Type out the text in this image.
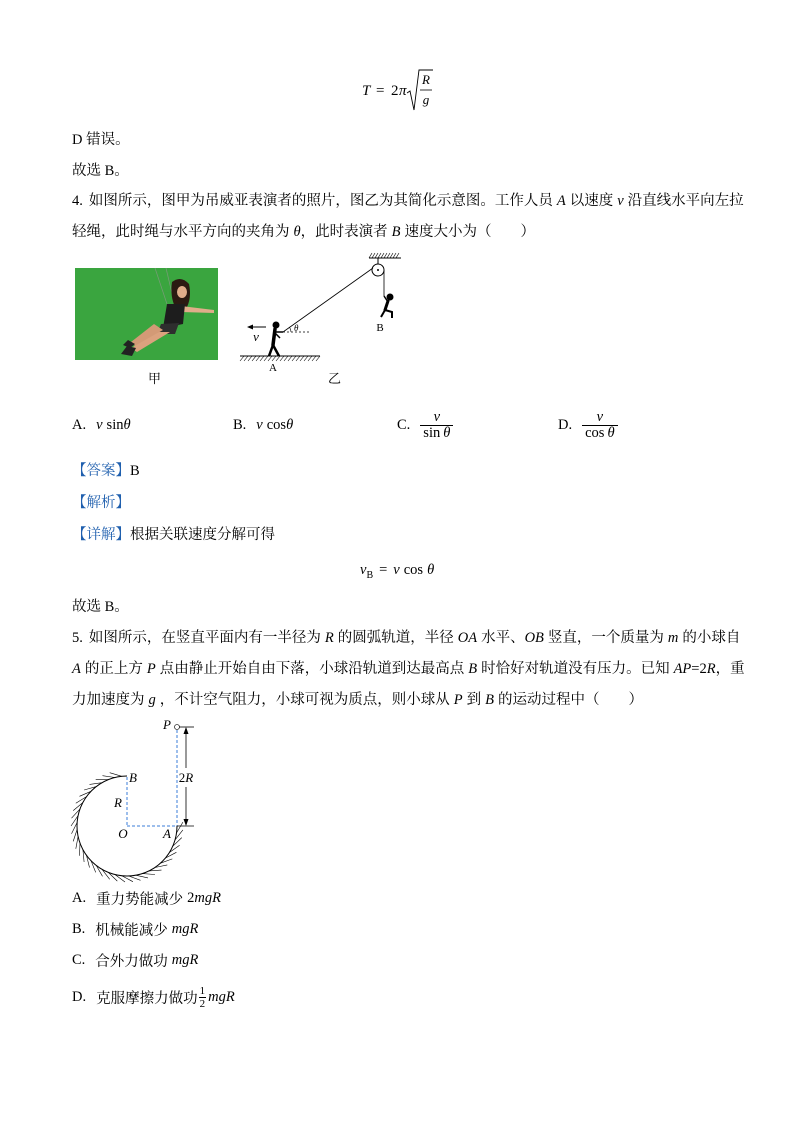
T = 2 π
R
g
D 错误。
故选 B。
4. 如图所示，图甲为吊威亚表演者的照片，图乙为其简化示意图。工作人员 A 以速度 v 沿直线水平向左拉
轻绳，此时绳与水平方向的夹角为 θ ，此时表演者 B 速度大小为（　　）
甲
B
v
θ
A
乙
A. v sin θ	B. v cos θ	C. $\frac{v}{\text{sin θ}}$	D. $\frac{v}{\text{cos θ}}$
【答案】 B
【解析】
【详解】 根据关联速度分解可得
v B = v cos θ
故选 B。
5. 如图所示，在竖直平面内有一半径为 R 的圆弧轨道，半径 OA 水平、 OB 竖直，一个质量为 m 的小球自
A 的正上方 P 点由静止开始自由下落，小球沿轨道到达最高点 B 时恰好对轨道没有压力。已知 AP =2 R ，重
力加速度为 g ，不计空气阻力，小球可视为质点，则小球从 P 到 B 的运动过程中（　　）
2R
P
B
R
O	A
A. 重力势能减少 2 mgR
B. 机械能减少 mgR
C. 合外力做功 mgR
D. 克服摩擦力做功 $\frac{1}{2}$ mgR
